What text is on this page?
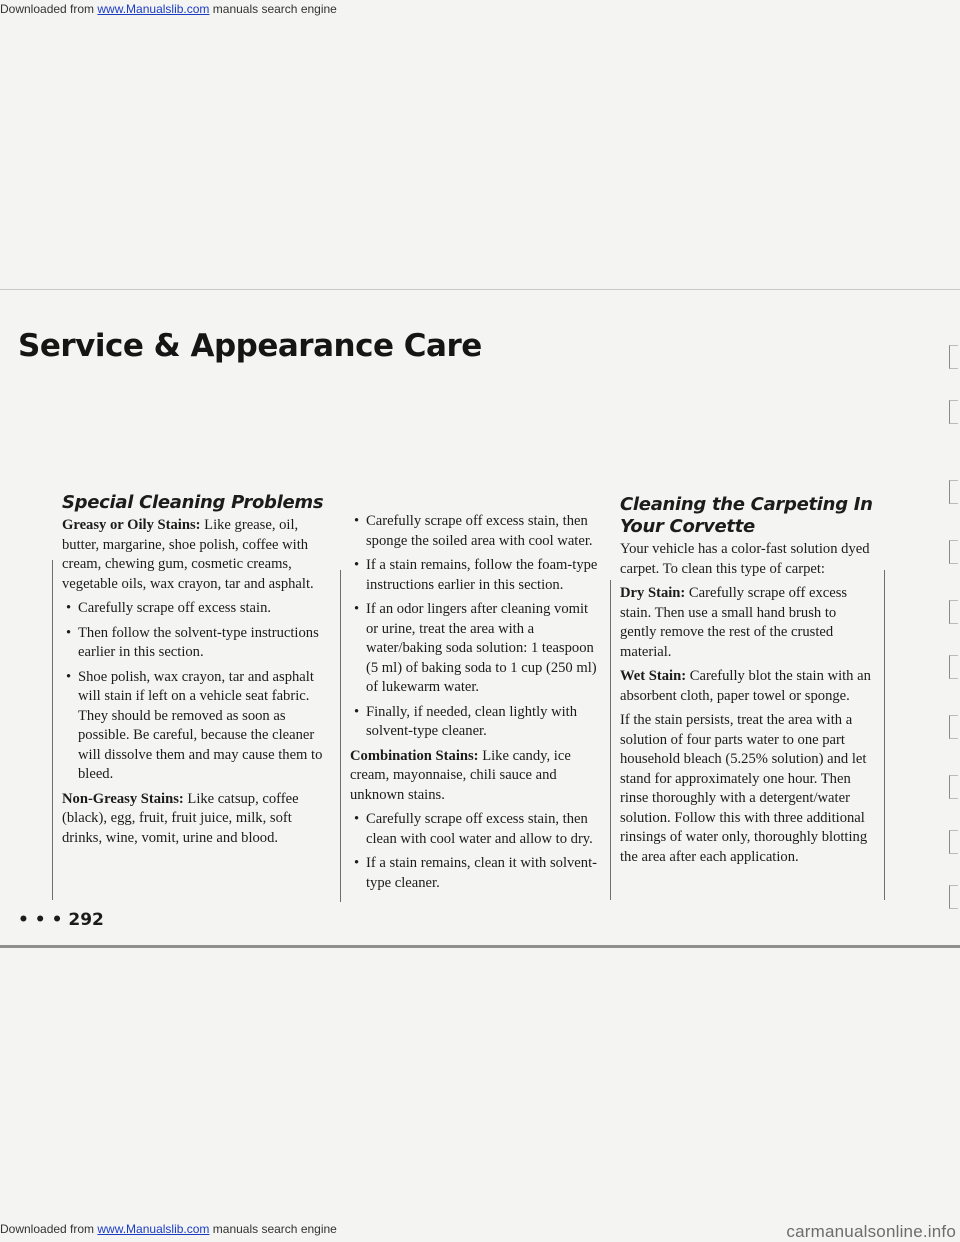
Downloaded from www.Manualslib.com manuals search engine
Service & Appearance Care
Special Cleaning Problems

Greasy or Oily Stains: Like grease, oil, butter, margarine, shoe polish, coffee with cream, chewing gum, cosmetic creams, vegetable oils, wax crayon, tar and asphalt.

• Carefully scrape off excess stain.
• Then follow the solvent-type instructions earlier in this section.
• Shoe polish, wax crayon, tar and asphalt will stain if left on a vehicle seat fabric. They should be removed as soon as possible. Be careful, because the cleaner will dissolve them and may cause them to bleed.

Non-Greasy Stains: Like catsup, coffee (black), egg, fruit, fruit juice, milk, soft drinks, wine, vomit, urine and blood.

• Carefully scrape off excess stain, then sponge the soiled area with cool water.
• If a stain remains, follow the foam-type instructions earlier in this section.
• If an odor lingers after cleaning vomit or urine, treat the area with a water/baking soda solution: 1 teaspoon (5 ml) of baking soda to 1 cup (250 ml) of lukewarm water.
• Finally, if needed, clean lightly with solvent-type cleaner.

Combination Stains: Like candy, ice cream, mayonnaise, chili sauce and unknown stains.

• Carefully scrape off excess stain, then clean with cool water and allow to dry.
• If a stain remains, clean it with solvent-type cleaner.
Cleaning the Carpeting In Your Corvette

Your vehicle has a color-fast solution dyed carpet. To clean this type of carpet:

Dry Stain: Carefully scrape off excess stain. Then use a small hand brush to gently remove the rest of the crusted material.

Wet Stain: Carefully blot the stain with an absorbent cloth, paper towel or sponge.

If the stain persists, treat the area with a solution of four parts water to one part household bleach (5.25% solution) and let stand for approximately one hour. Then rinse thoroughly with a detergent/water solution. Follow this with three additional rinsings of water only, thoroughly blotting the area after each application.

• • • 292
Downloaded from www.Manualslib.com manuals search engine	carmanualsonline.info
